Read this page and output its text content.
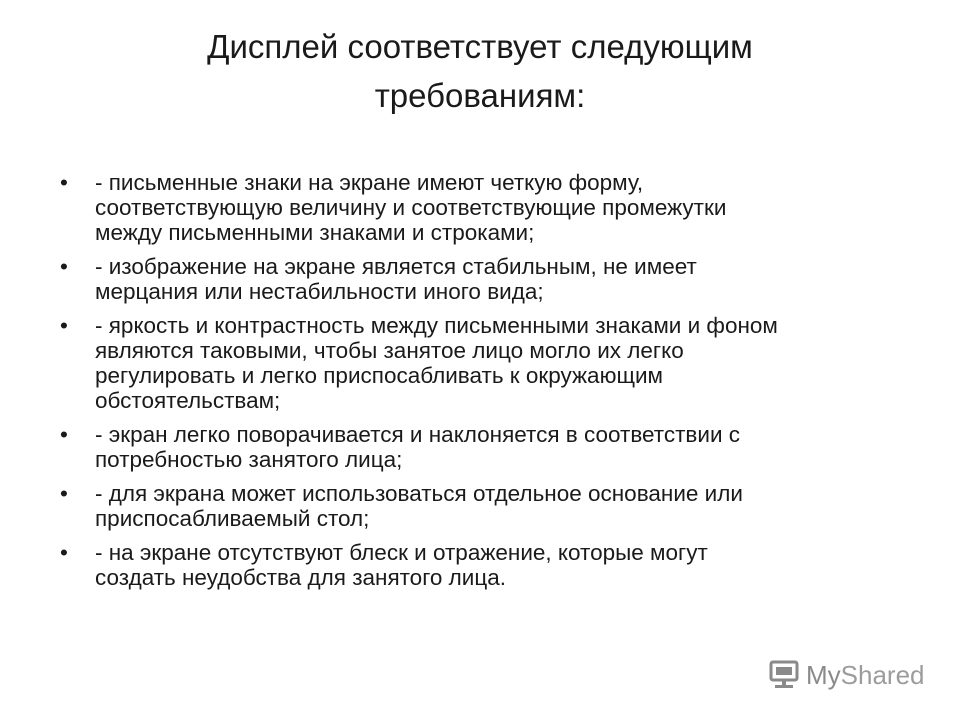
Дисплей соответствует следующим
требованиям:
•	- письменные знаки на экране имеют четкую форму,
соответствующую величину и соответствующие промежутки
между письменными знаками и строками;
•	- изображение на экране является стабильным, не имеет
мерцания или нестабильности иного вида;
•	- яркость и контрастность между письменными знаками и фоном
являются таковыми, чтобы занятое лицо могло их легко
регулировать и легко приспосабливать к окружающим
обстоятельствам;
•	- экран легко поворачивается и наклоняется в соответствии с
потребностью занятого лица;
•	- для экрана может использоваться отдельное основание или
приспосабливаемый стол;
•	- на экране отсутствуют блеск и отражение, которые могут
создать неудобства для занятого лица.
MyShared
